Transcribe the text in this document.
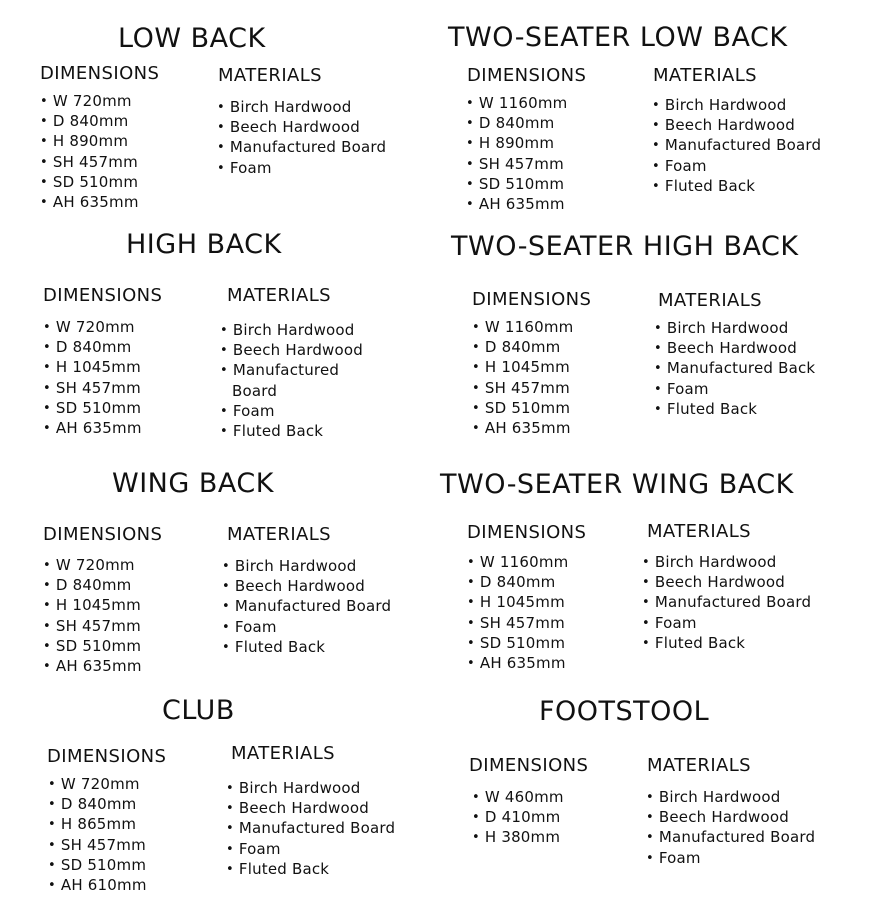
LOW BACK
DIMENSIONS	MATERIALS
• W 720mm
• D 840mm
• H 890mm
• SH 457mm
• SD 510mm
• AH 635mm
• Birch Hardwood
• Beech Hardwood
• Manufactured Board
• Foam
TWO-SEATER LOW BACK
DIMENSIONS	MATERIALS
• W 1160mm
• D 840mm
• H 890mm
• SH 457mm
• SD 510mm
• AH 635mm
• Birch Hardwood
• Beech Hardwood
• Manufactured Board
• Foam
• Fluted Back
HIGH BACK
DIMENSIONS	MATERIALS
• W 720mm
• D 840mm
• H 1045mm
• SH 457mm
• SD 510mm
• AH 635mm
• Birch Hardwood
• Beech Hardwood
• Manufactured
Board
• Foam
• Fluted Back
TWO-SEATER HIGH BACK
DIMENSIONS	MATERIALS
• W 1160mm
• D 840mm
• H 1045mm
• SH 457mm
• SD 510mm
• AH 635mm
• Birch Hardwood
• Beech Hardwood
• Manufactured Back
• Foam
• Fluted Back
WING BACK
DIMENSIONS	MATERIALS
• W 720mm
• D 840mm
• H 1045mm
• SH 457mm
• SD 510mm
• AH 635mm
• Birch Hardwood
• Beech Hardwood
• Manufactured Board
• Foam
• Fluted Back
TWO-SEATER WING BACK
DIMENSIONS	MATERIALS
• W 1160mm
• D 840mm
• H 1045mm
• SH 457mm
• SD 510mm
• AH 635mm
• Birch Hardwood
• Beech Hardwood
• Manufactured Board
• Foam
• Fluted Back
CLUB
DIMENSIONS	MATERIALS
• W 720mm
• D 840mm
• H 865mm
• SH 457mm
• SD 510mm
• AH 610mm
• Birch Hardwood
• Beech Hardwood
• Manufactured Board
• Foam
• Fluted Back
FOOTSTOOL
DIMENSIONS	MATERIALS
• W 460mm
• D 410mm
• H 380mm
• Birch Hardwood
• Beech Hardwood
• Manufactured Board
• Foam
